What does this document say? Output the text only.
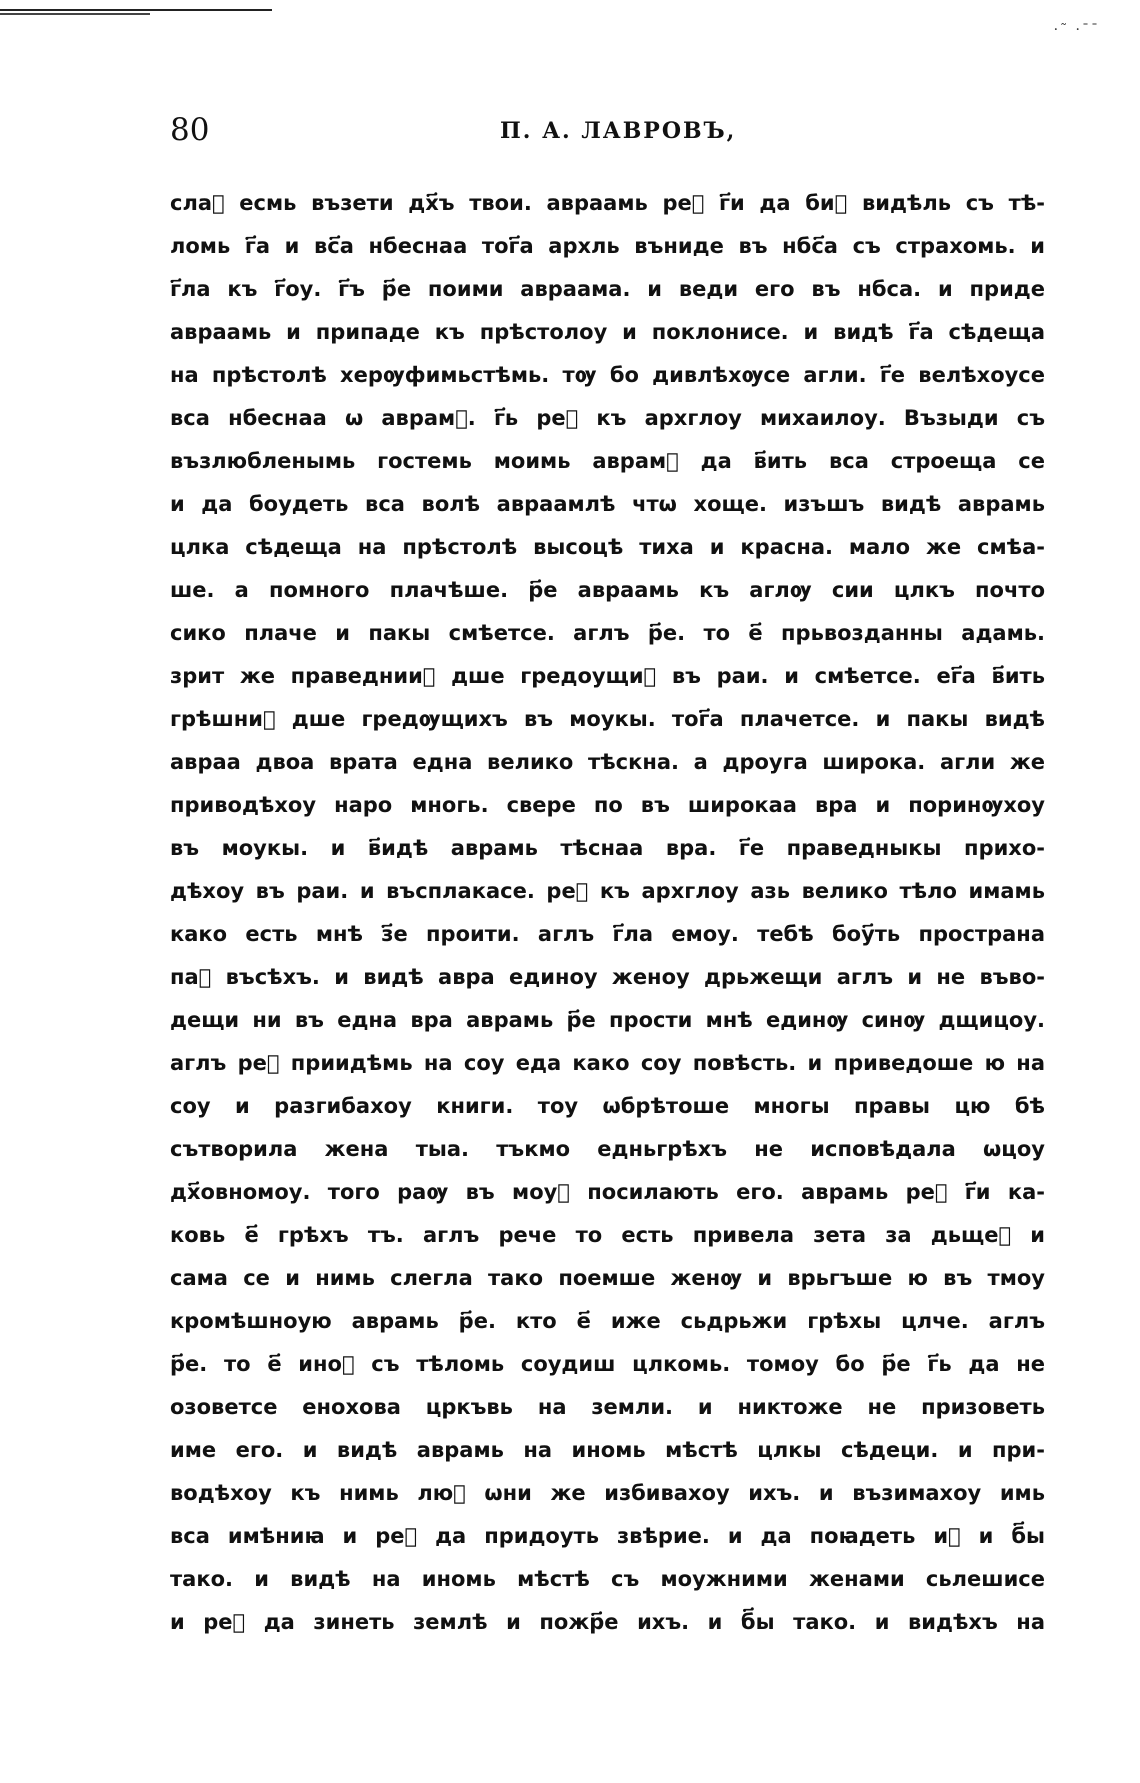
·˜ ·ˉˉ
80	П. А. ЛАВРОВЪ,
слаᷬ есмь възети дх҃ъ твои. авраамь ре᷑ г҃и да биᷛ видѣль съ тѣ-
ломь г҃а и вс҃а нбеснаа тог҃а архль вънидe въ нбс҃а съ страхомь. и
г҃ла къ г҃оу. г҃ъ р҃е поими авраама. и веди его въ нбса. и приде
авраамь и припаде къ прѣстолоу и поклонисе. и видѣ г҃а сѣдеща
на прѣстолѣ херѹфимьстѣмь. тѹ бо дивлѣхѹсе агли. г҃е велѣхоусе
вса нбеснаа ѡ аврамᷠ. г҃ь ре᷑ къ архглоу михаилоу. Възыди съ
възлюбленымь гостемь моимь аврамᷟ да в҃ить вса строеща сe
и да боудеть вса волѣ авраамлѣ чтѡ хоще. изъшъ видѣ аврамь
цлка сѣдеща на прѣстолѣ высоцѣ тиха и красна. мало же смѣа-
ше. а помного плачѣше. р҃е авраамь къ аглѹ сии цлкъ почто
сико плаче и пакы смѣетсе. аглъ р҃е. то е҃ прьвозданны адамь.
зрит же праведнииᷛ дше гредоущиᷛ въ раи. и смѣетсе. ег҃а в҃ить
грѣшниᷛ дше гредѹщихъ въ моукы. тог҃а плачетсе. и пакы видѣ
авраа двоа врата една велико тѣскна. а дроуга широка. агли же
приводѣхоу наро многь. свере по въ широкаа вра и поринѹхоу
въ моукы. и в҃идѣ аврамь тѣснаа вра. г҃е праведныкы прихо-
дѣхоу въ раи. и въсплакасе. ре᷑ къ архглоу азь велико тѣло имамь
како есть мнѣ з҃е проити. аглъ г҃ла емоу. тебѣ боу҃ть пространа
па᷑ въсѣхъ. и видѣ авра единоу женоу дрьжещи аглъ и не въво-
дещи ни въ една вра аврамь р҃е прости мнѣ единѹ синѹ дщицоу.
аглъ ре᷑ приидѣмь на соу еда како соу повѣсть. и приведоше ю на
соу и разгибахоу книги. тоу ѡбрѣтоше многы правы цю бѣ
сътворила жена тыа. тъкмо едньгрѣхъ не исповѣдала ѡцоу
дх҃овномоу. того раѹ въ моуᷦ посилають его. аврамь ре᷑ г҃и ка-
ковь е҃ грѣхъ тъ. аглъ рече то есть привела зета за дьщеᷬ и
сама се и нимь слегла тако поемше женѹ и врьгъше ю въ тмоу
кромѣшноую аврамь р҃е. кто е҃ иже сьдрьжи грѣхы цлче. аглъ
р҃е. то е҃ иноᷛ съ тѣломь соудиш цлкомь. томоу бо р҃е г҃ь да не
озоветсе енохова цркъвь на земли. и никтоже не призоветь
име его. и видѣ аврамь на иномь мѣстѣ цлкы сѣдеци. и при-
водѣхоу къ нимь люᷤ ѡни же избивахоу ихъ. и възимахоу имь
вса имѣниꙗ и ре᷑ да придоуть звѣрие. и да поꙗдеть иᷛ и б҃ы
тако. и видѣ на иномь мѣстѣ съ моужними женами сьлешисе
и ре᷑ да зинеть землѣ и пожр҃е ихъ. и б҃ы тако. и видѣхъ на
